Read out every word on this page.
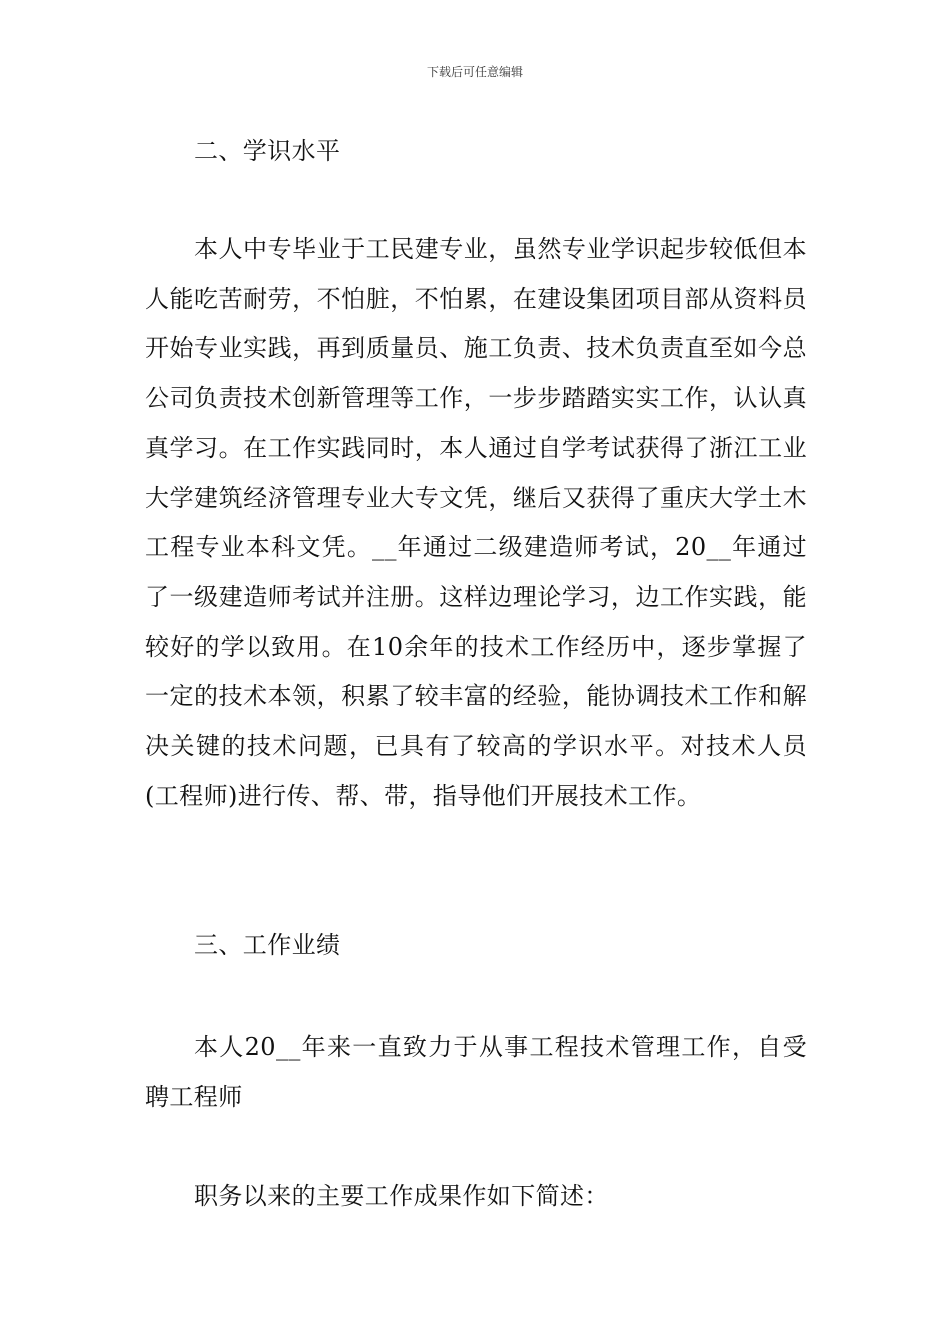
下载后可任意编辑

二、学识水平

本人中专毕业于工民建专业，虽然专业学识起步较低但本人能吃苦耐劳，不怕脏，不怕累，在建设集团项目部从资料员开始专业实践，再到质量员、施工负责、技术负责直至如今总公司负责技术创新管理等工作，一步步踏踏实实工作，认认真真学习。在工作实践同时，本人通过自学考试获得了浙江工业大学建筑经济管理专业大专文凭，继后又获得了重庆大学土木工程专业本科文凭。__年通过二级建造师考试，20__年通过了一级建造师考试并注册。这样边理论学习，边工作实践，能较好的学以致用。在10余年的技术工作经历中，逐步掌握了一定的技术本领，积累了较丰富的经验，能协调技术工作和解决关键的技术问题，已具有了较高的学识水平。对技术人员(工程师)进行传、帮、带，指导他们开展技术工作。

三、工作业绩

本人20__年来一直致力于从事工程技术管理工作，自受聘工程师

职务以来的主要工作成果作如下简述：
